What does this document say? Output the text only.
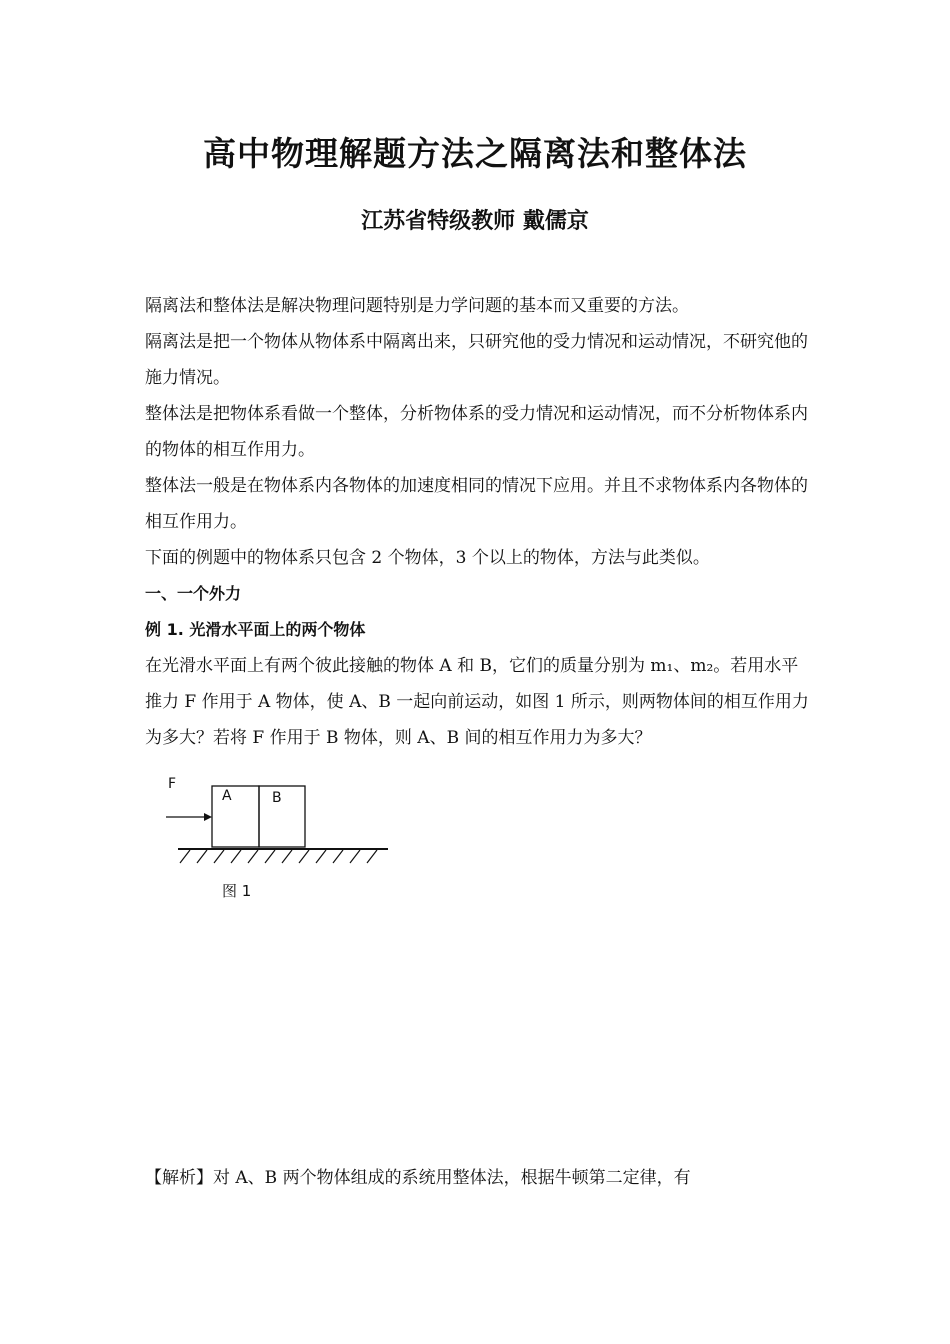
高中物理解题方法之隔离法和整体法
江苏省特级教师 戴儒京

隔离法和整体法是解决物理问题特别是力学问题的基本而又重要的方法。

隔离法是把一个物体从物体系中隔离出来，只研究他的受力情况和运动情况，不研究他的施力情况。

整体法是把物体系看做一个整体，分析物体系的受力情况和运动情况，而不分析物体系内的物体的相互作用力。

整体法一般是在物体系内各物体的加速度相同的情况下应用。并且不求物体系内各物体的相互作用力。

下面的例题中的物体系只包含 2 个物体，3 个以上的物体，方法与此类似。

一、一个外力

例 1. 光滑水平面上的两个物体

在光滑水平面上有两个彼此接触的物体 A 和 B，它们的质量分别为 m₁、m₂。若用水平推力 F 作用于 A 物体，使 A、B 一起向前运动，如图 1 所示，则两物体间的相互作用力为多大？若将 F 作用于 B 物体，则 A、B 间的相互作用力为多大？

F
A	B
图 1

【解析】对 A、B 两个物体组成的系统用整体法，根据牛顿第二定律，有
